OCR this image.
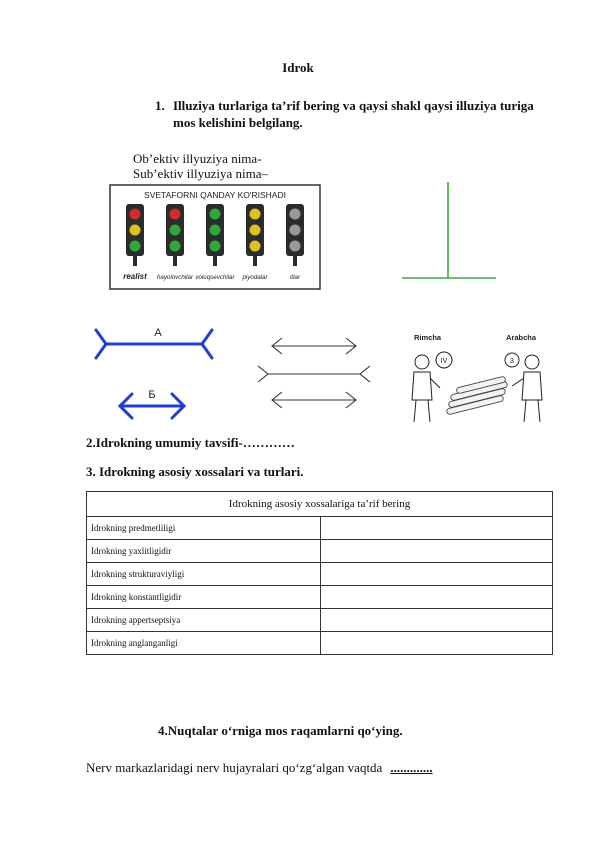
Idrok
1. Illuziya turlariga ta’rif bering va qaysi shakl qaysi illuziya turiga mos kelishini belgilang.
Ob’ektiv illyuziya nima-
Sub’ektiv illyuziya nima–
SVETAFORNI QANDAY KO'RISHADI
realist hayolovchilar voluqsevchilar piyodalar	itlar
А
Б
Rimcha	Arabcha
IV	3
2.Idrokning umumiy tavsifi-…………
3. Idrokning asosiy xossalari va turlari.
Idrokning asosiy xossalariga ta’rif bering	
Idrokning predmetliligi	
Idrokning yaxlitligidir	
Idrokning strukturaviyligi	
Idrokning konstantligidir	
Idrokning appertseptsiya	
Idrokning anglanganligi	
4.Nuqtalar o‘rniga mos raqamlarni qo‘ying.
Nerv markazlaridagi nerv hujayralari qo‘zg‘algan vaqtda .............
